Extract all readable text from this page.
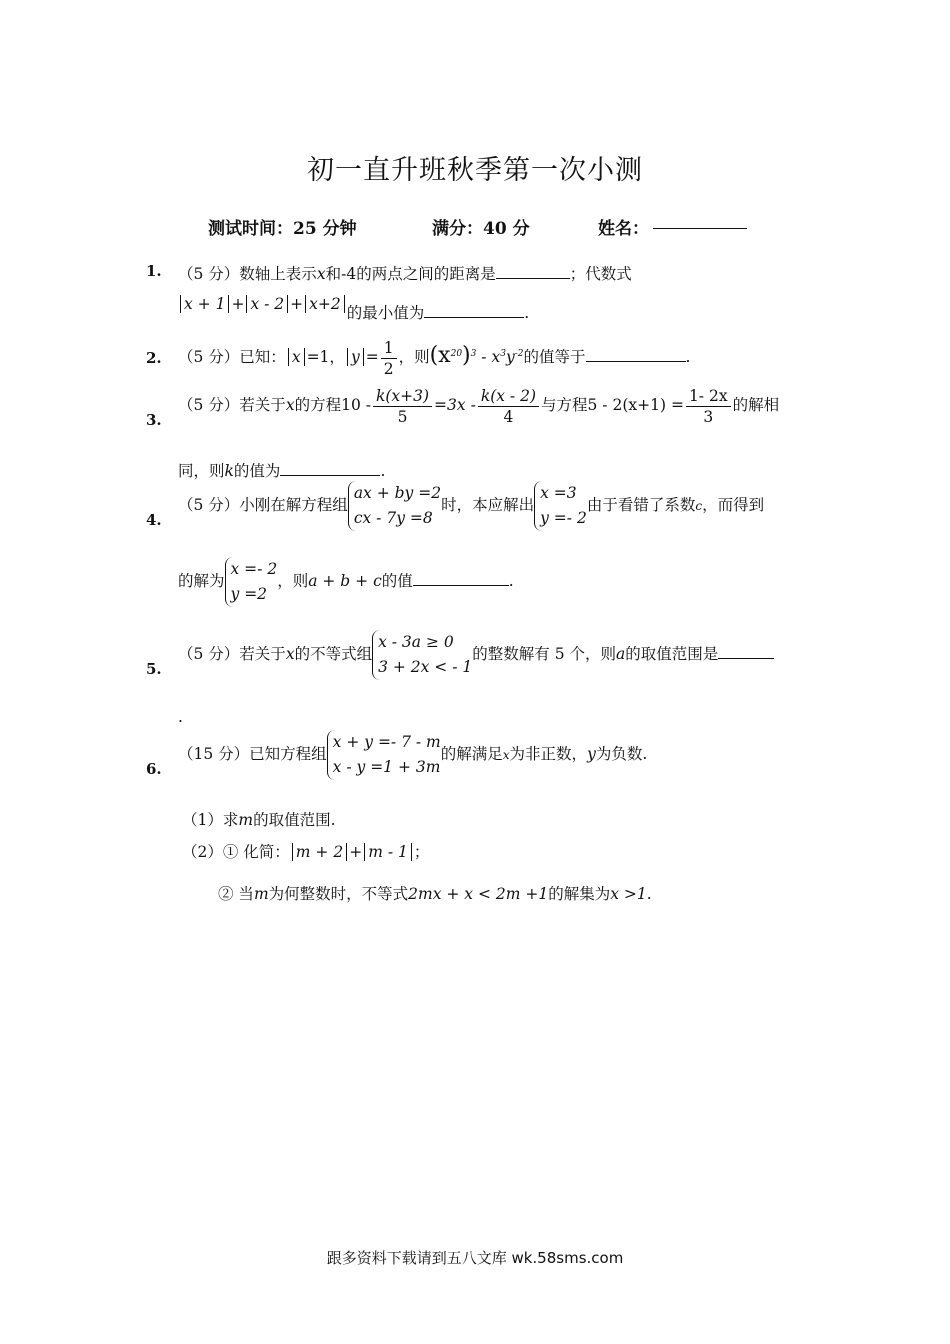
初一直升班秋季第一次小测
测试时间：25 分钟	满分：40 分	姓名：
1. （5 分）数轴上表示x和-4的两点之间的距离是	；代数式
x + 1 + x - 2 + x+2 的最小值为	.
2. （5 分）已知： x =1， $y = \frac{1}{2}$ ，则$(x^{20})^3 - x^3y^{-2}$的值等于	.
3.
（5 分）若关于x的方程$10 - \frac{k(x+3)}{5} =3x - \frac{k(x - 2)}{4}$ 与方程$5 - 2(x+1) = \frac{1- 2x}{3}$ 的解相
同，则k的值为	.
4.
（5 分）小刚在解方程组
ax + by =2
cx - 7y =8
时，本应解出
x =3
y =- 2
由于看错了系数c，而得到
的解为
x =- 2
y =2
，则a + b + c的值	.
5.
（5 分）若关于x的不等式组
x - 3a ≥ 0
3 + 2x < - 1
的整数解有 5 个，则a的取值范围是
.
6.
（15 分）已知方程组
x + y =- 7 - m
x - y =1 + 3m
的解满足x为非正数，y为负数.
（1）求m的取值范围.
（2）① 化简： m + 2 + m - 1 ；
② 当m为何整数时，不等式2mx + x < 2m +1的解集为x >1.
跟多资料下载请到五八文库 wk.58sms.com
